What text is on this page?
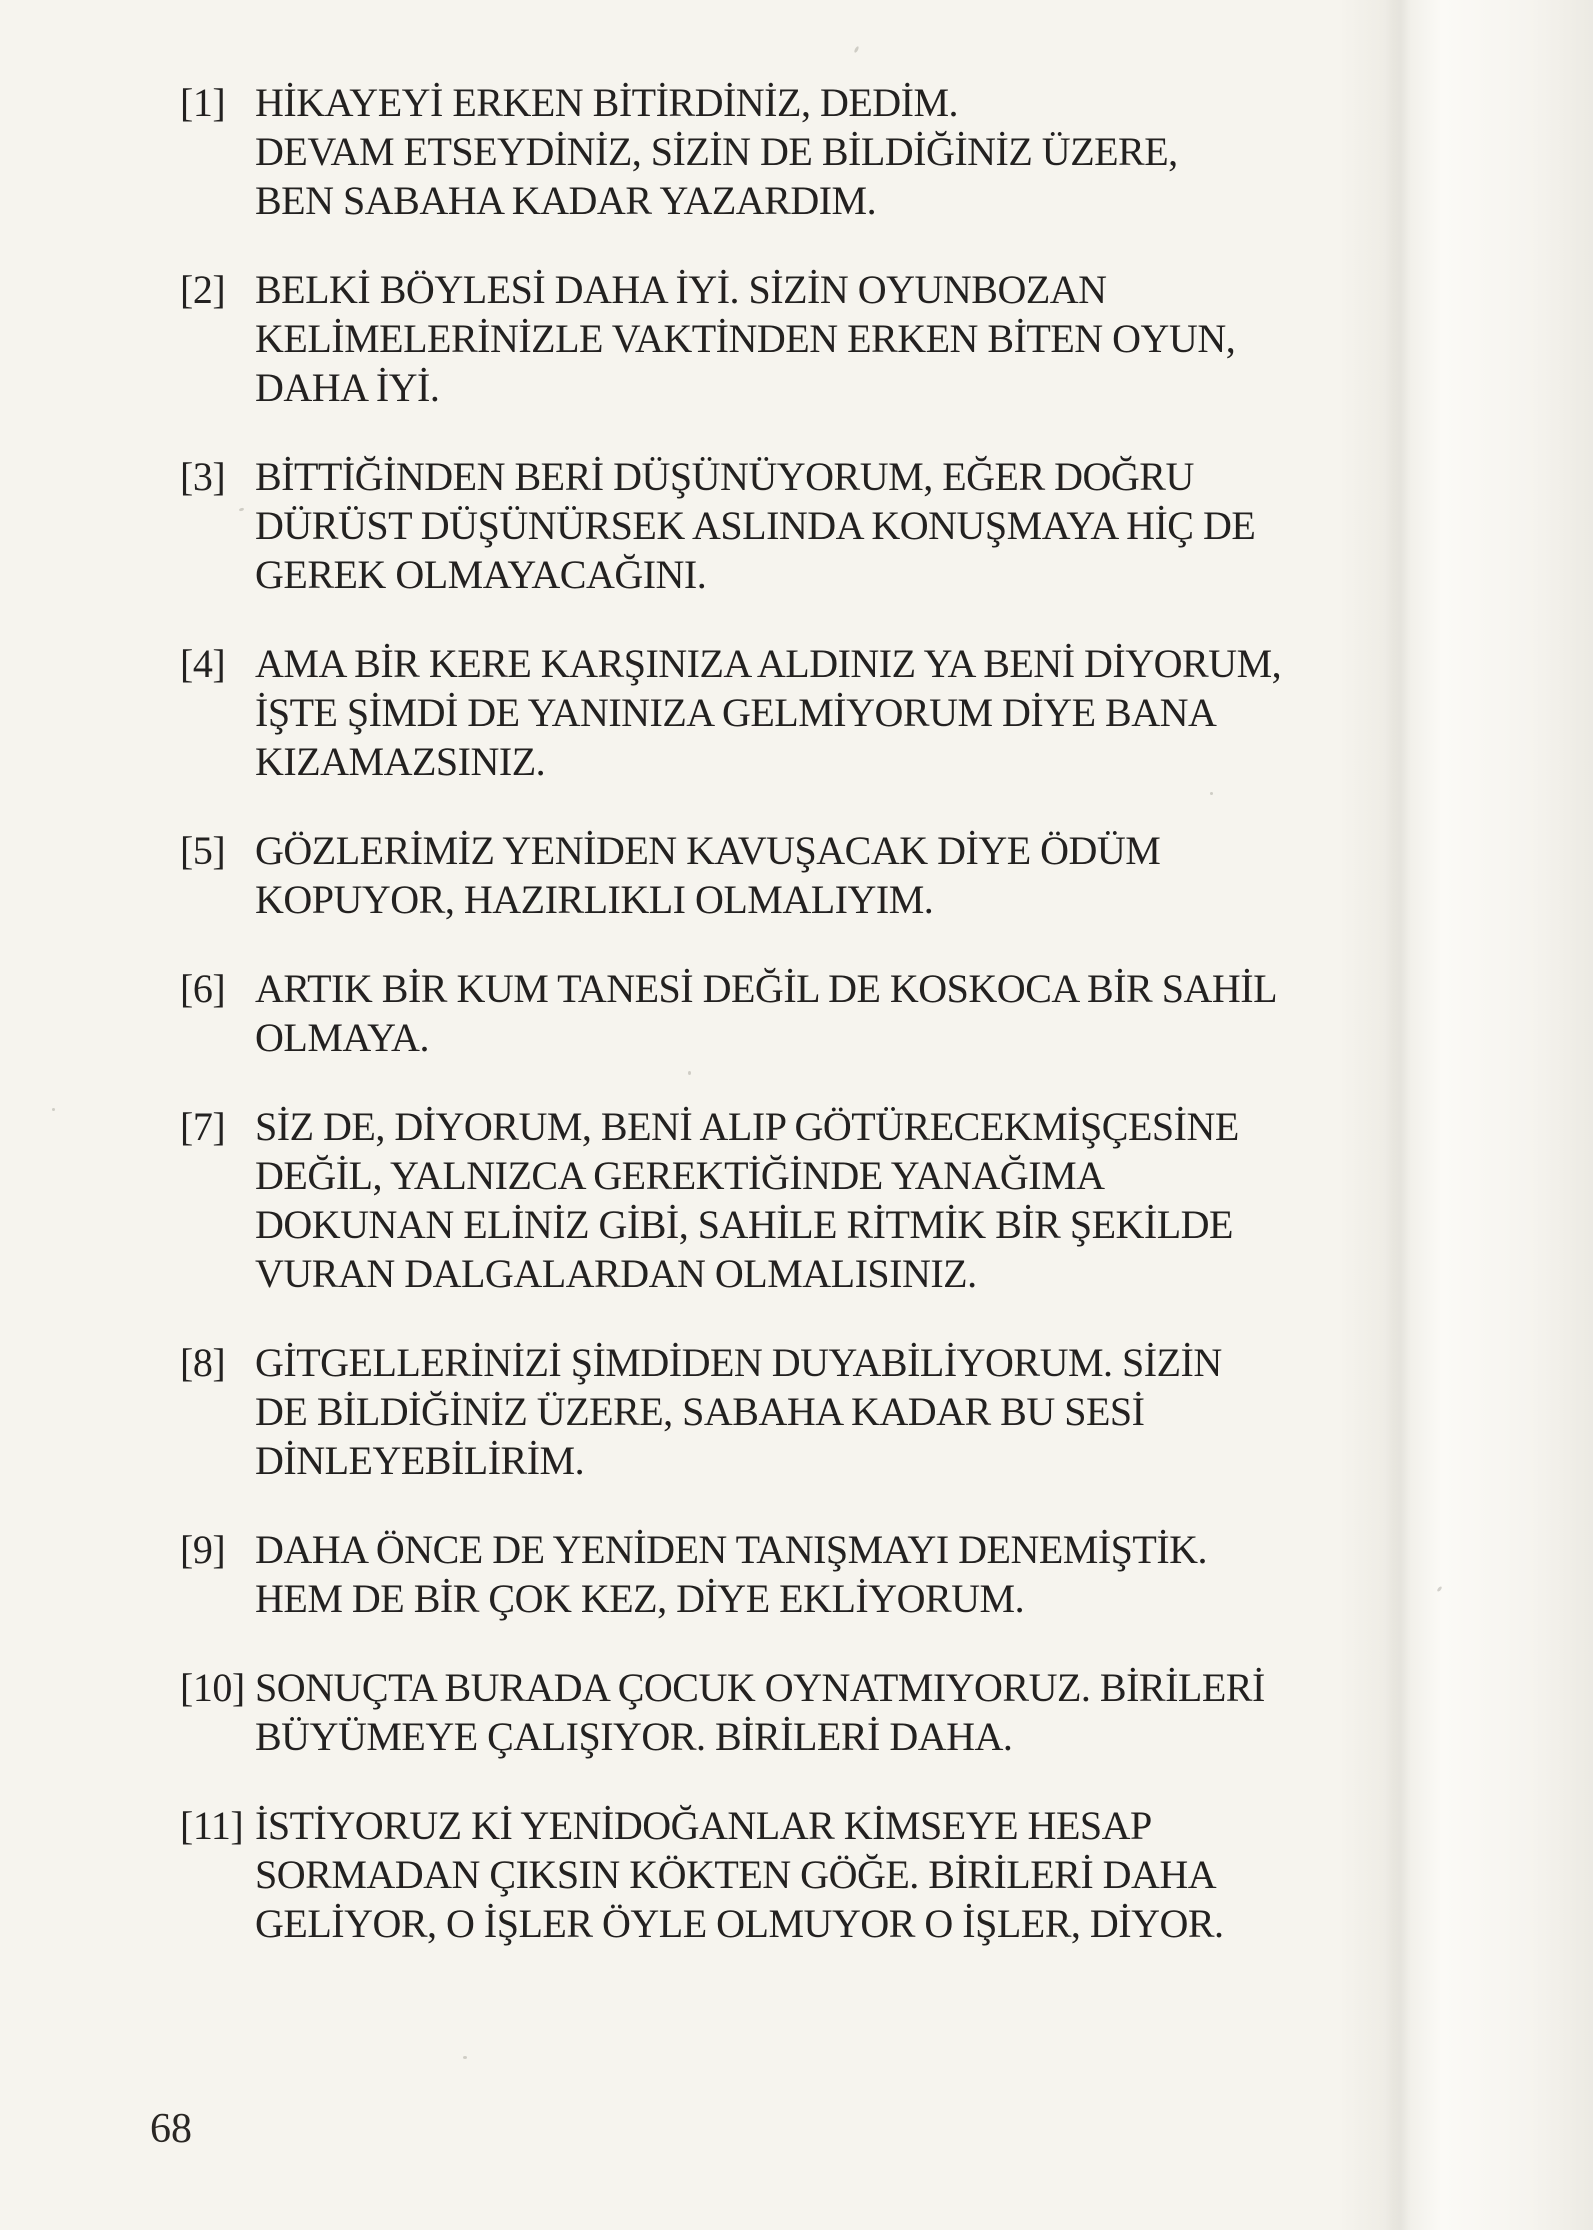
[1] HİKAYEYİ ERKEN BİTİRDİNİZ, DEDİM.
DEVAM ETSEYDİNİZ, SİZİN DE BİLDİĞİNİZ ÜZERE,
BEN SABAHA KADAR YAZARDIM.
[2] BELKİ BÖYLESİ DAHA İYİ. SİZİN OYUNBOZAN
KELİMELERİNİZLE VAKTİNDEN ERKEN BİTEN OYUN,
DAHA İYİ.
[3] BİTTİĞİNDEN BERİ DÜŞÜNÜYORUM, EĞER DOĞRU
DÜRÜST DÜŞÜNÜRSEK ASLINDA KONUŞMAYA HİÇ DE
GEREK OLMAYACAĞINI.
[4] AMA BİR KERE KARŞINIZA ALDINIZ YA BENİ DİYORUM,
İŞTE ŞİMDİ DE YANINIZA GELMİYORUM DİYE BANA
KIZAMAZSINIZ.
[5] GÖZLERİMİZ YENİDEN KAVUŞACAK DİYE ÖDÜM
KOPUYOR, HAZIRLIKLI OLMALIYIM.
[6] ARTIK BİR KUM TANESİ DEĞİL DE KOSKOCA BİR SAHİL
OLMAYA.
[7] SİZ DE, DİYORUM, BENİ ALIP GÖTÜRECEKMİŞÇESİNE
DEĞİL, YALNIZCA GEREKTİĞİNDE YANAĞIMA
DOKUNAN ELİNİZ GİBİ, SAHİLE RİTMİK BİR ŞEKİLDE
VURAN DALGALARDAN OLMALISINIZ.
[8] GİTGELLERİNİZİ ŞİMDİDEN DUYABİLİYORUM. SİZİN
DE BİLDİĞİNİZ ÜZERE, SABAHA KADAR BU SESİ
DİNLEYEBİLİRİM.
[9] DAHA ÖNCE DE YENİDEN TANIŞMAYI DENEMİŞTİK.
HEM DE BİR ÇOK KEZ, DİYE EKLİYORUM.
[10] SONUÇTA BURADA ÇOCUK OYNATMIYORUZ. BİRİLERİ
BÜYÜMEYE ÇALIŞIYOR. BİRİLERİ DAHA.
[11] İSTİYORUZ Kİ YENİDOĞANLAR KİMSEYE HESAP
SORMADAN ÇIKSIN KÖKTEN GÖĞE. BİRİLERİ DAHA
GELİYOR, O İŞLER ÖYLE OLMUYOR O İŞLER, DİYOR.
68
